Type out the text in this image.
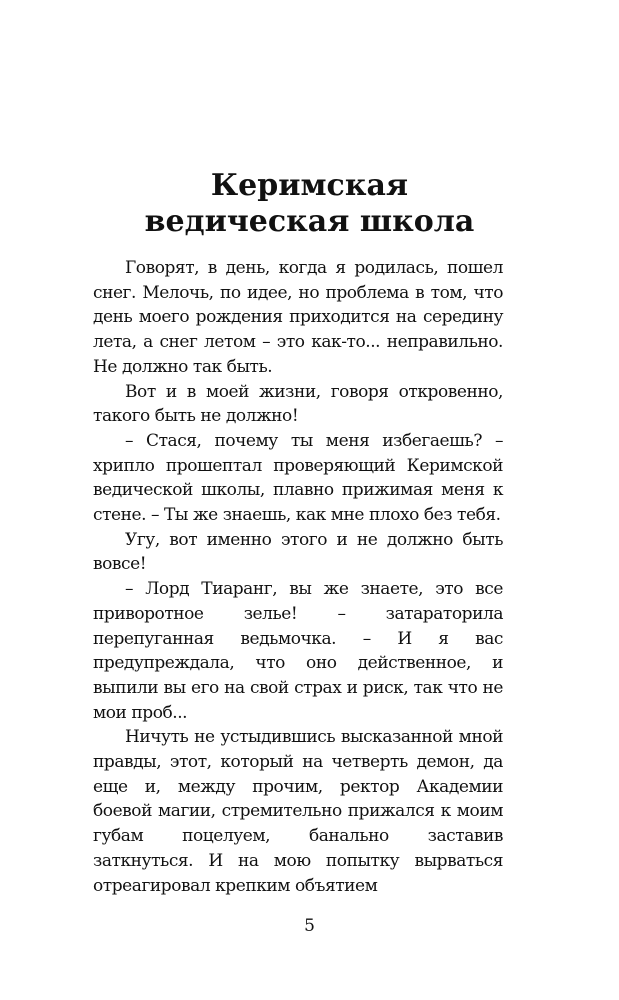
Керимская
ведическая школа

Говорят, в день, когда я родилась, пошел снег. Мелочь, по идее, но проблема в том, что день моего рождения приходится на середину лета, а снег летом – это как-то... неправильно. Не должно так быть.

Вот и в моей жизни, говоря откровенно, такого быть не должно!

– Стася, почему ты меня избегаешь? – хрипло прошептал проверяющий Керимской ведической школы, плавно прижимая меня к стене. – Ты же знаешь, как мне плохо без тебя.

Угу, вот именно этого и не должно быть вовсе!

– Лорд Тиаранг, вы же знаете, это все приворотное зелье! – затараторила перепуганная ведьмочка. – И я вас предупреждала, что оно действенное, и выпили вы его на свой страх и риск, так что не мои проб...

Ничуть не устыдившись высказанной мной правды, этот, который на четверть демон, да еще и, между прочим, ректор Академии боевой магии, стремительно прижался к моим губам поцелуем, банально заставив заткнуться. И на мою попытку вырваться отреагировал крепким объятием

5
